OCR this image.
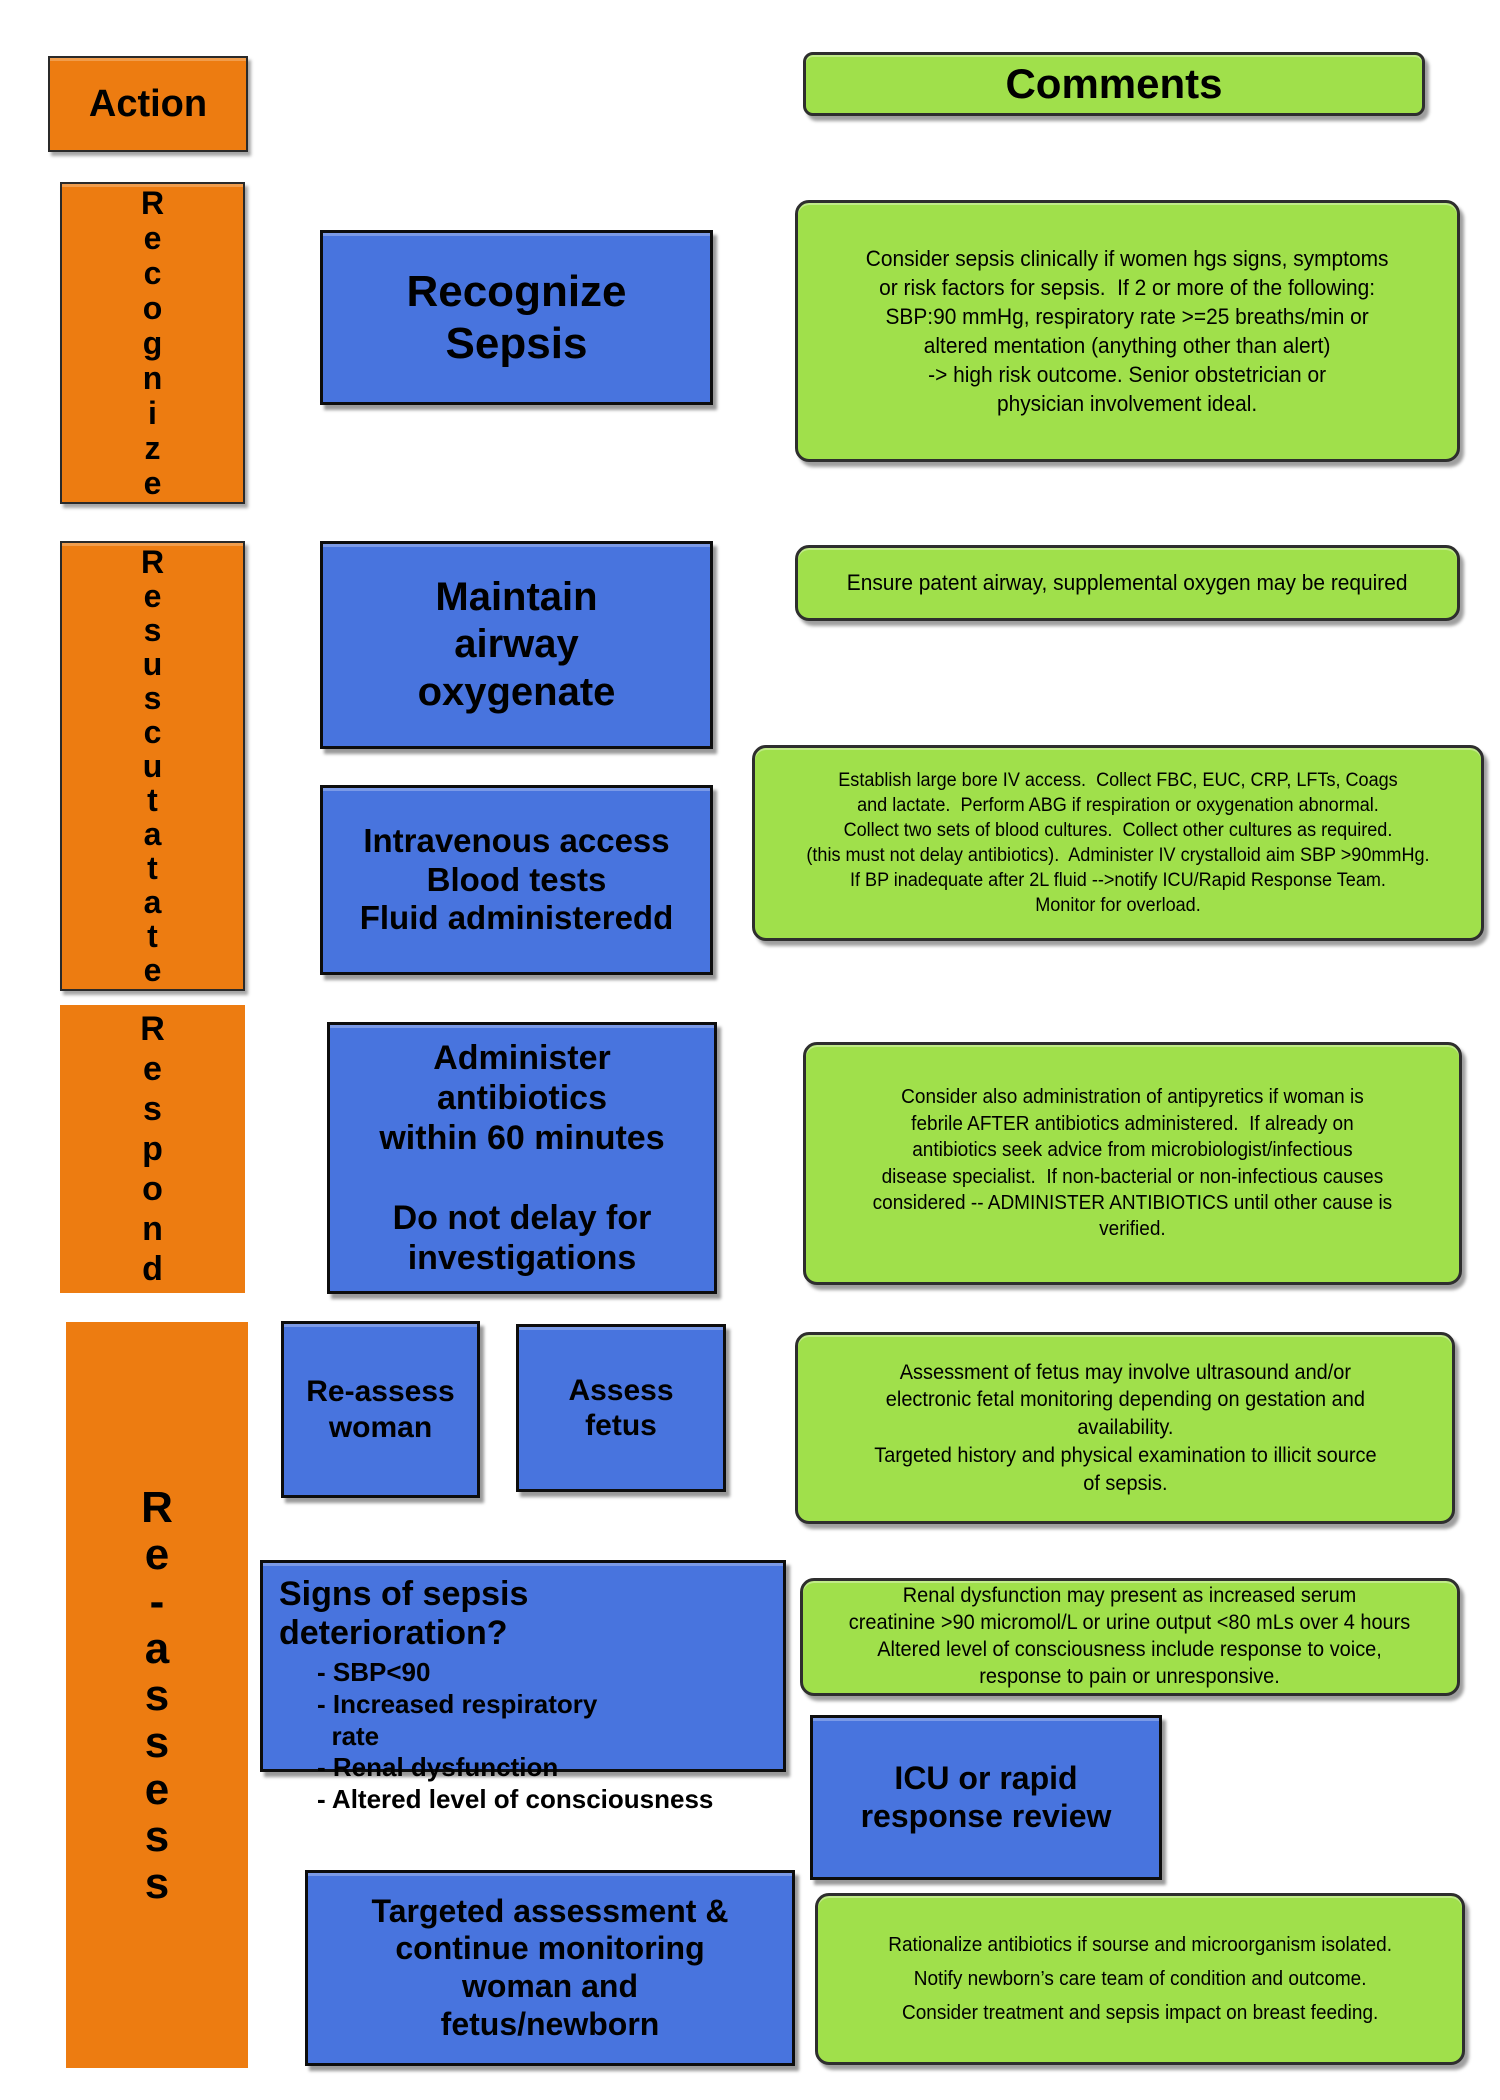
Action	Comments
R
e
c
o
g
n
i
z
e
R
e
s
u
s
c
u
t
a
t
a
t
e
R
e
s
p
o
n
d
R
e
-
a
s
s
e
s
s
Recognize
Sepsis
Maintain
airway
oxygenate
Intravenous access
Blood tests
Fluid administeredd
Administer
antibiotics
within 60 minutes

Do not delay for
investigations
Re-assess
woman
Assess
fetus
Signs of sepsis
deterioration?
- SBP<90
- Increased respiratory
rate
- Renal dysfunction
- Altered level of consciousness
ICU or rapid
response review
Targeted assessment &
continue monitoring
woman and
fetus/newborn
Consider sepsis clinically if women hgs signs, symptoms
or risk factors for sepsis.  If 2 or more of the following:
SBP:90 mmHg, respiratory rate >=25 breaths/min or
altered mentation (anything other than alert)
-> high risk outcome. Senior obstetrician or
physician involvement ideal.
Ensure patent airway, supplemental oxygen may be required
Establish large bore IV access.  Collect FBC, EUC, CRP, LFTs, Coags
and lactate.  Perform ABG if respiration or oxygenation abnormal.
Collect two sets of blood cultures.  Collect other cultures as required.
(this must not delay antibiotics).  Administer IV crystalloid aim SBP >90mmHg.
If BP inadequate after 2L fluid -->notify ICU/Rapid Response Team.
Monitor for overload.
Consider also administration of antipyretics if woman is
febrile AFTER antibiotics administered.  If already on
antibiotics seek advice from microbiologist/infectious
disease specialist.  If non-bacterial or non-infectious causes
considered -- ADMINISTER ANTIBIOTICS until other cause is
verified.
Assessment of fetus may involve ultrasound and/or
electronic fetal monitoring depending on gestation and
availability.
Targeted history and physical examination to illicit source
of sepsis.
Renal dysfunction may present as increased serum
creatinine >90 micromol/L or urine output <80 mLs over 4 hours
Altered level of consciousness include response to voice,
response to pain or unresponsive.
Rationalize antibiotics if sourse and microorganism isolated.
Notify newborn’s care team of condition and outcome.
Consider treatment and sepsis impact on breast feeding.
